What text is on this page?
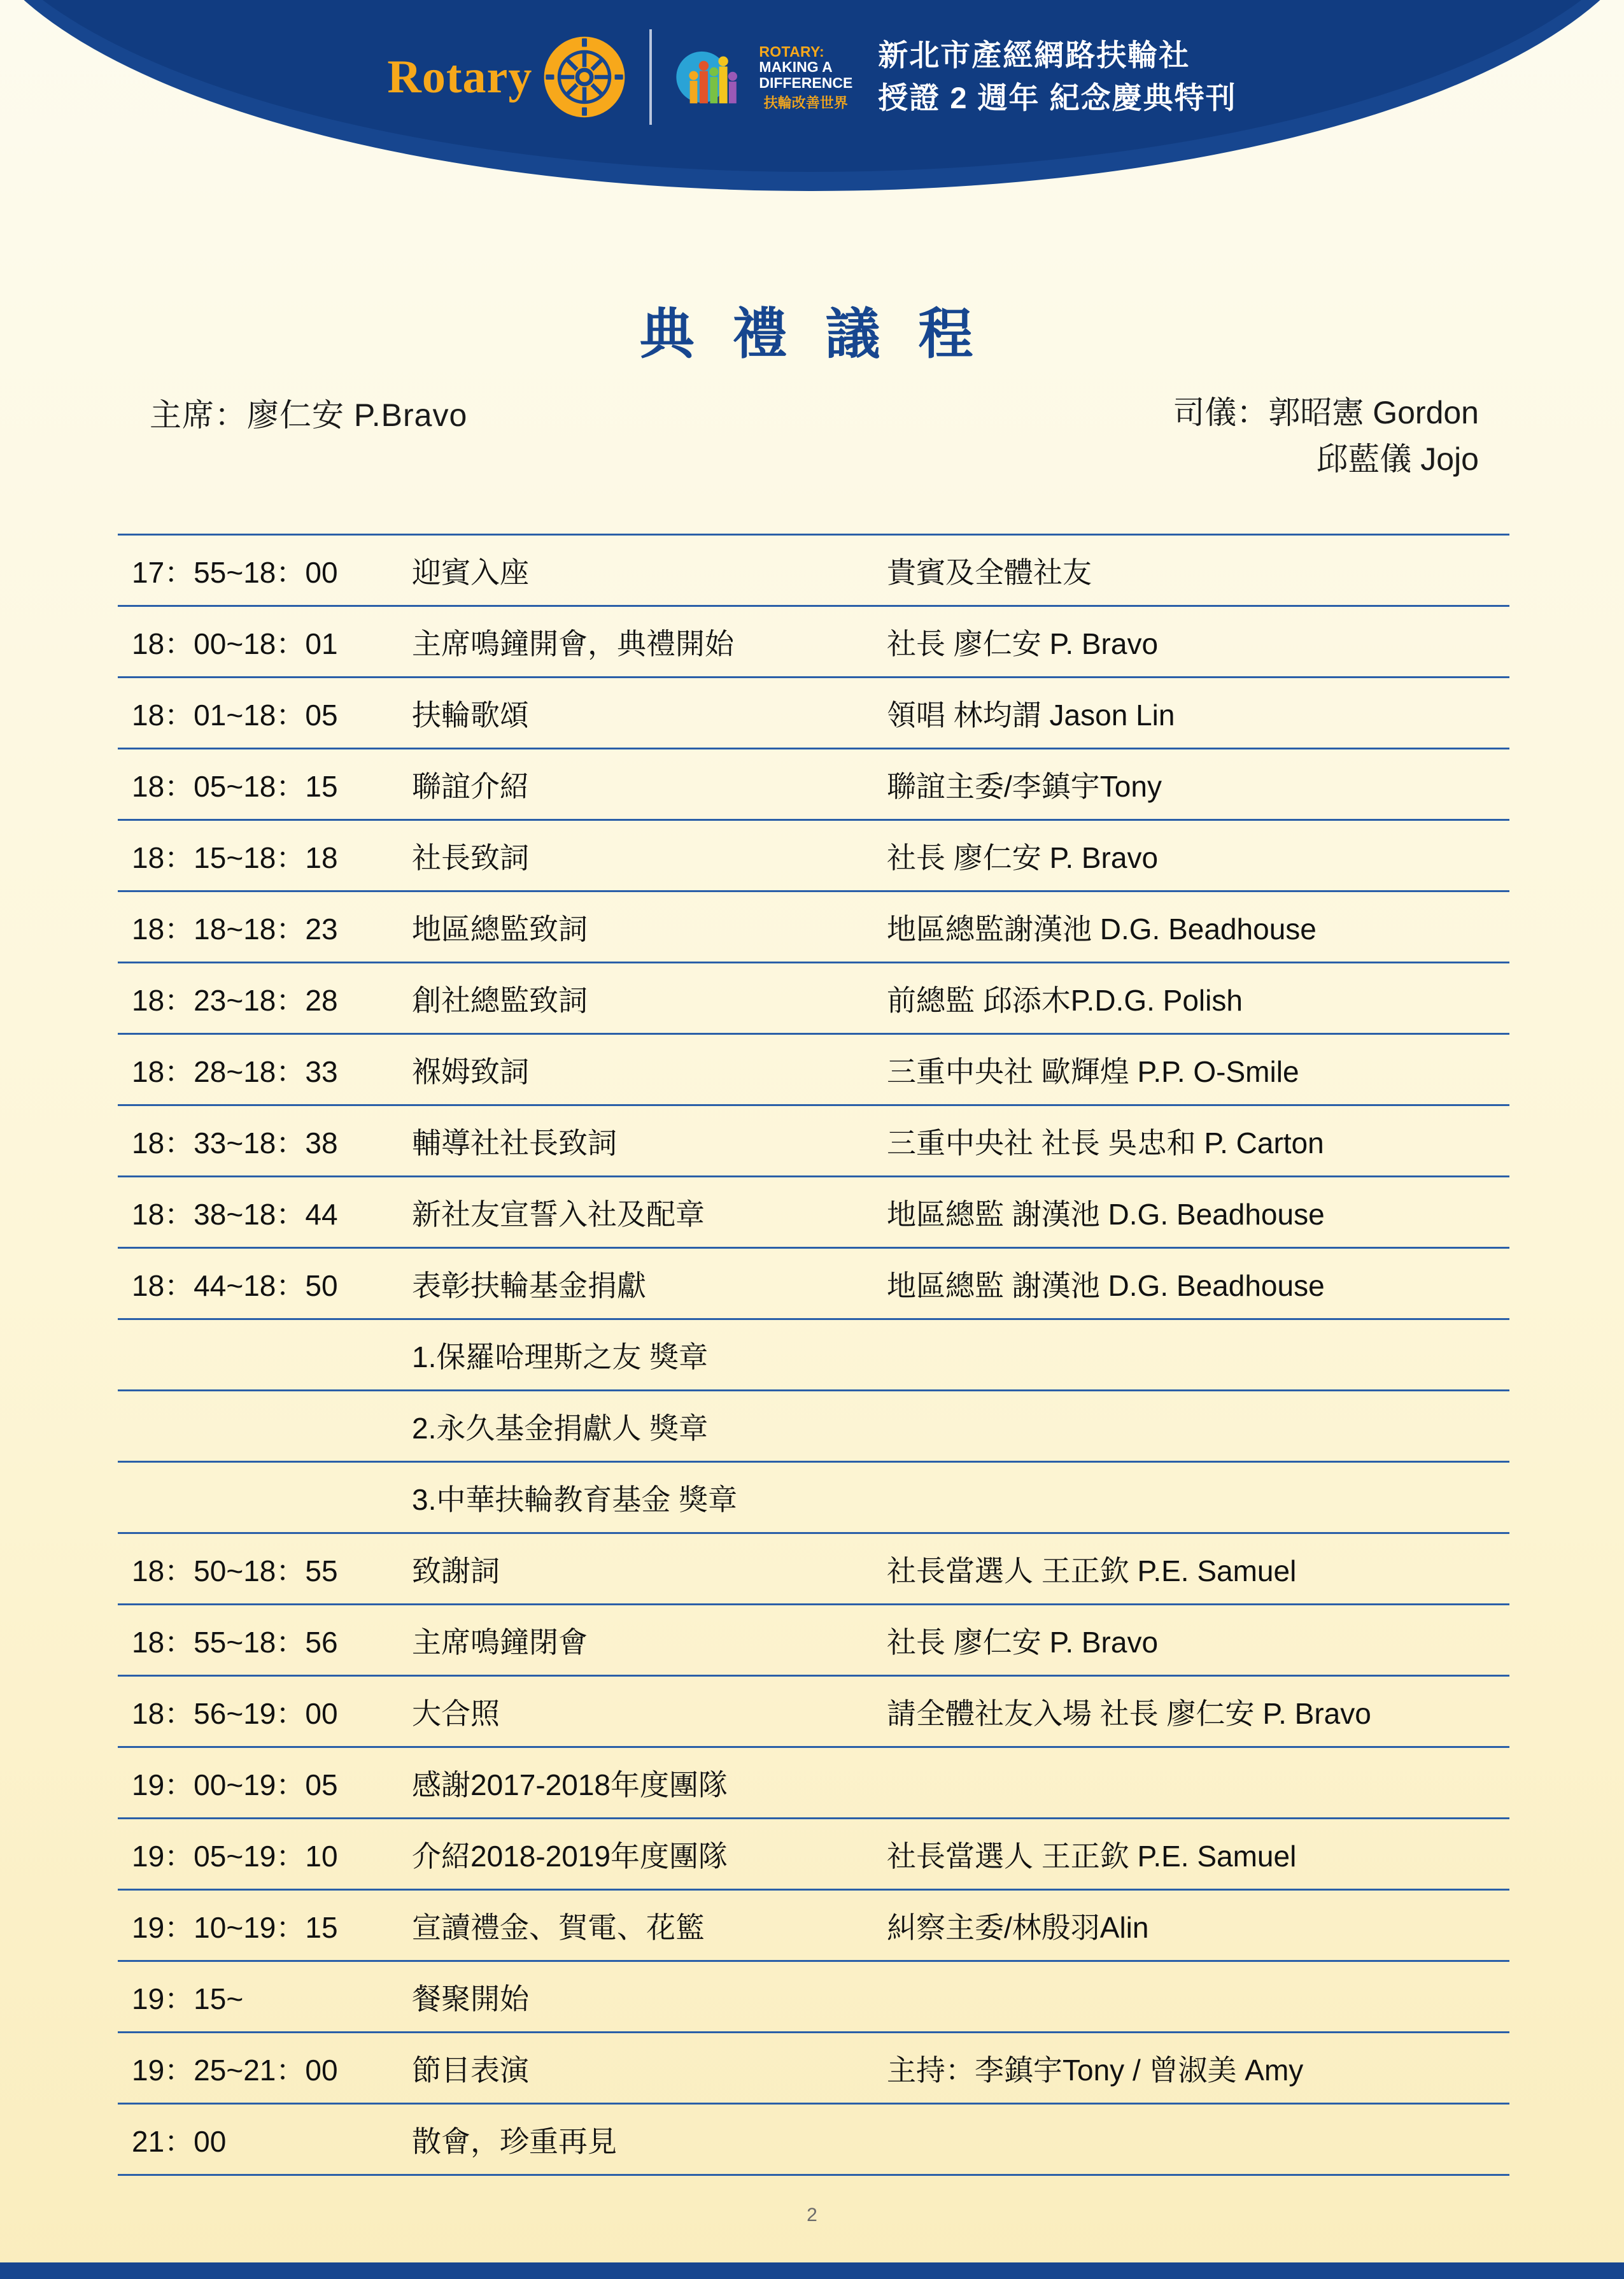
Rotary	ROTARY:
MAKING A
DIFFERENCE
扶輪改善世界
新北市產經網路扶輪社
授證 2 週年 紀念慶典特刊
典 禮 議 程
主席：廖仁安 P.Bravo	司儀：郭昭憲 Gordon
邱藍儀 Jojo
17：55~18：00	迎賓入座	貴賓及全體社友
18：00~18：01	主席鳴鐘開會，典禮開始	社長 廖仁安 P. Bravo
18：01~18：05	扶輪歌頌	領唱 林均謂 Jason Lin
18：05~18：15	聯誼介紹	聯誼主委/李鎮宇Tony
18：15~18：18	社長致詞	社長 廖仁安 P. Bravo
18：18~18：23	地區總監致詞	地區總監謝漢池 D.G. Beadhouse
18：23~18：28	創社總監致詞	前總監 邱添木P.D.G. Polish
18：28~18：33	褓姆致詞	三重中央社 歐輝煌 P.P. O-Smile
18：33~18：38	輔導社社長致詞	三重中央社 社長 吳忠和 P. Carton
18：38~18：44	新社友宣誓入社及配章	地區總監 謝漢池 D.G. Beadhouse
18：44~18：50	表彰扶輪基金捐獻	地區總監 謝漢池 D.G. Beadhouse
	1.保羅哈理斯之友 獎章	
	2.永久基金捐獻人 獎章	
	3.中華扶輪教育基金 獎章	
18：50~18：55	致謝詞	社長當選人 王正欽 P.E. Samuel
18：55~18：56	主席鳴鐘閉會	社長 廖仁安 P. Bravo
18：56~19：00	大合照	請全體社友入場 社長 廖仁安 P. Bravo
19：00~19：05	感謝2017-2018年度團隊	
19：05~19：10	介紹2018-2019年度團隊	社長當選人 王正欽 P.E. Samuel
19：10~19：15	宣讀禮金、賀電、花籃	糾察主委/林殷羽Alin
19：15~	餐聚開始	
19：25~21：00	節目表演	主持：李鎮宇Tony / 曾淑美 Amy
21：00	散會，珍重再見	
2
